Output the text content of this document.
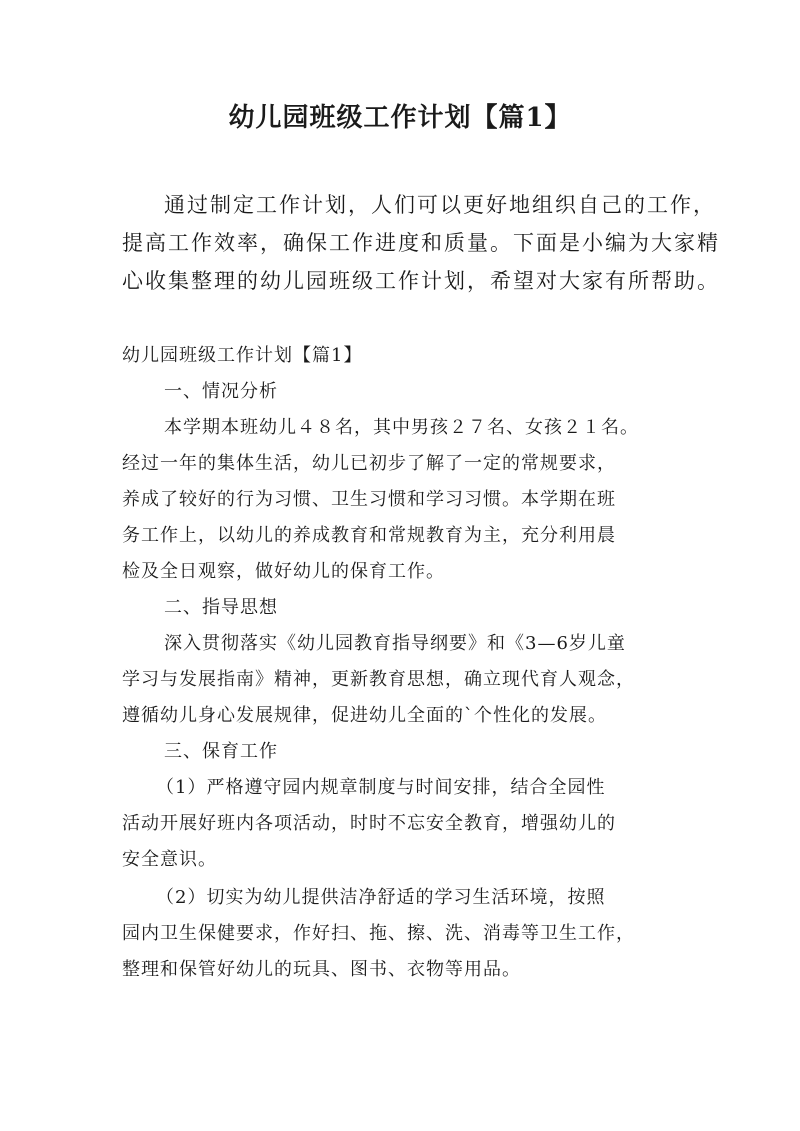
幼儿园班级工作计划【篇1】
通过制定工作计划，人们可以更好地组织自己的工作，
提高工作效率，确保工作进度和质量。下面是小编为大家精
心收集整理的幼儿园班级工作计划，希望对大家有所帮助。
幼儿园班级工作计划【篇1】
一、情况分析
本学期本班幼儿４８名，其中男孩２７名、女孩２１名。
经过一年的集体生活，幼儿已初步了解了一定的常规要求，
养成了较好的行为习惯、卫生习惯和学习习惯。本学期在班
务工作上，以幼儿的养成教育和常规教育为主，充分利用晨
检及全日观察，做好幼儿的保育工作。
二、指导思想
深入贯彻落实《幼儿园教育指导纲要》和《3—6岁儿童
学习与发展指南》精神，更新教育思想，确立现代育人观念，
遵循幼儿身心发展规律，促进幼儿全面的`个性化的发展。
三、保育工作
（1）严格遵守园内规章制度与时间安排，结合全园性
活动开展好班内各项活动，时时不忘安全教育，增强幼儿的
安全意识。
（2）切实为幼儿提供洁净舒适的学习生活环境，按照
园内卫生保健要求，作好扫、拖、擦、洗、消毒等卫生工作，
整理和保管好幼儿的玩具、图书、衣物等用品。
